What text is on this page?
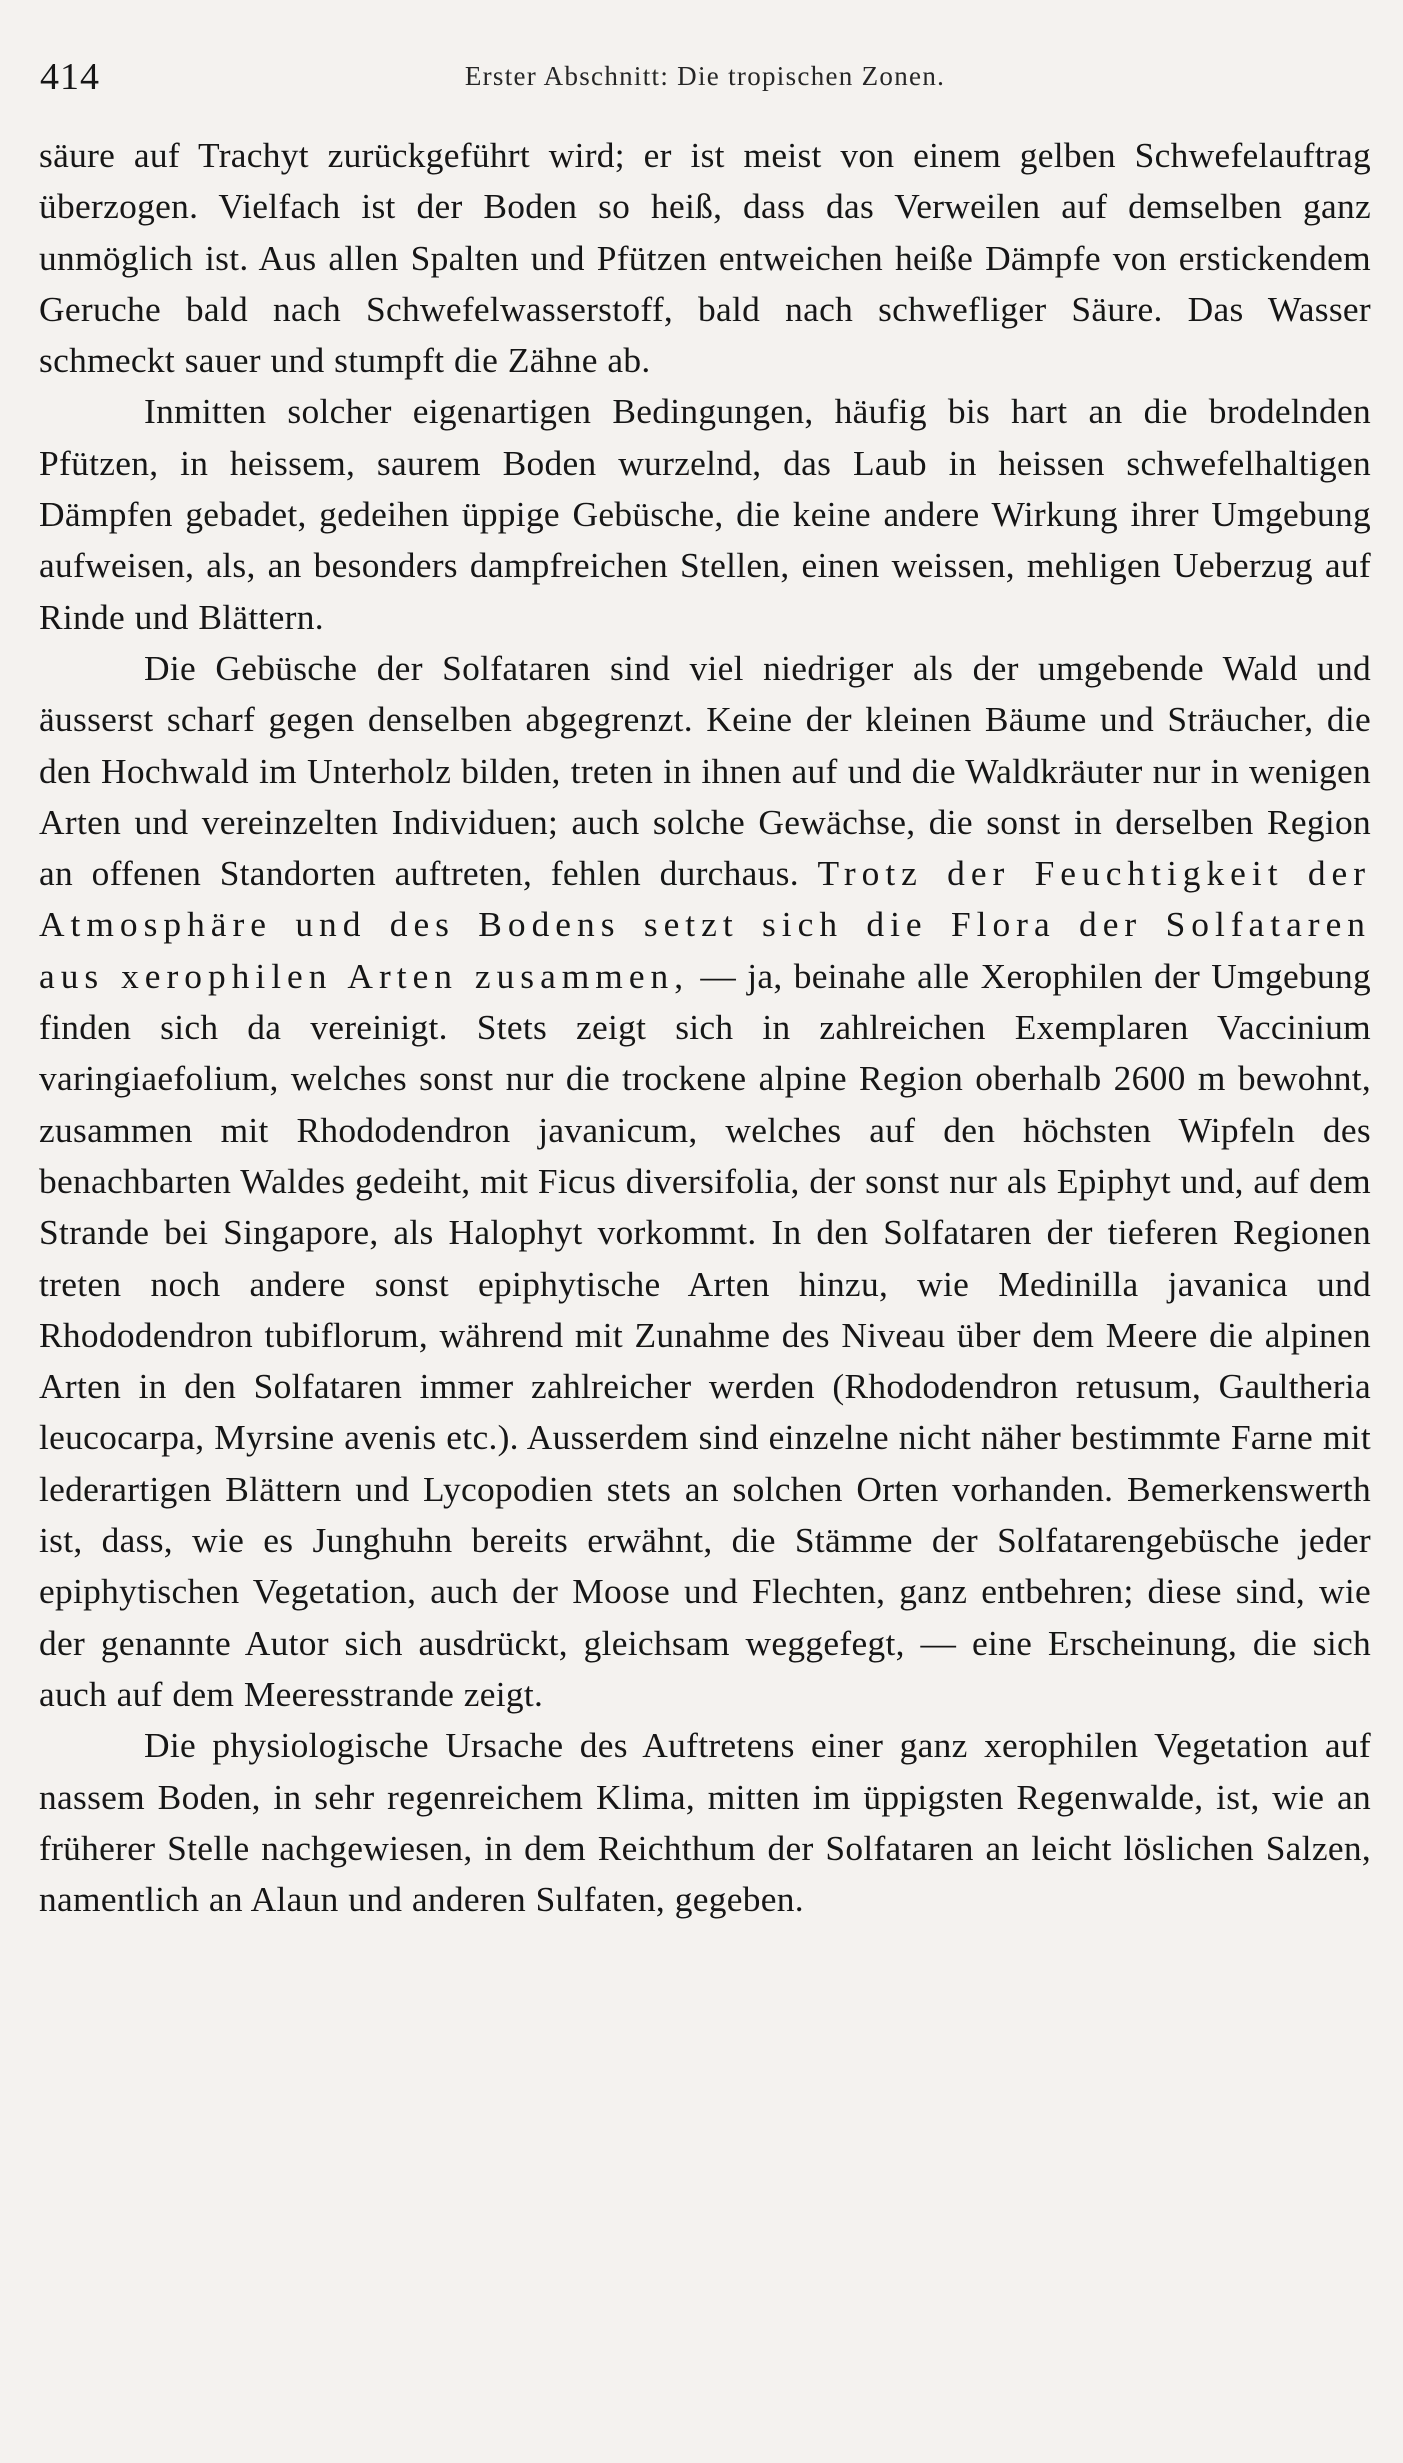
414	Erster Abschnitt: Die tropischen Zonen.

säure auf Trachyt zurückgeführt wird; er ist meist von einem gelben Schwefelauftrag überzogen. Vielfach ist der Boden so heiß, dass das Verweilen auf demselben ganz unmöglich ist. Aus allen Spalten und Pfützen entweichen heiße Dämpfe von erstickendem Geruche bald nach Schwefelwasserstoff, bald nach schwefliger Säure. Das Wasser schmeckt sauer und stumpft die Zähne ab.

Inmitten solcher eigenartigen Bedingungen, häufig bis hart an die brodelnden Pfützen, in heissem, saurem Boden wurzelnd, das Laub in heissen schwefelhaltigen Dämpfen gebadet, gedeihen üppige Gebüsche, die keine andere Wirkung ihrer Umgebung aufweisen, als, an besonders dampfreichen Stellen, einen weissen, mehligen Ueberzug auf Rinde und Blättern.

Die Gebüsche der Solfataren sind viel niedriger als der umgebende Wald und äusserst scharf gegen denselben abgegrenzt. Keine der kleinen Bäume und Sträucher, die den Hochwald im Unterholz bilden, treten in ihnen auf und die Waldkräuter nur in wenigen Arten und vereinzelten Individuen; auch solche Gewächse, die sonst in derselben Region an offenen Standorten auftreten, fehlen durchaus. Trotz der Feuchtigkeit der Atmosphäre und des Bodens setzt sich die Flora der Solfataren aus xerophilen Arten zusammen, — ja, beinahe alle Xerophilen der Umgebung finden sich da vereinigt. Stets zeigt sich in zahlreichen Exemplaren Vaccinium varingiaefolium, welches sonst nur die trockene alpine Region oberhalb 2600 m bewohnt, zusammen mit Rhododendron javanicum, welches auf den höchsten Wipfeln des benachbarten Waldes gedeiht, mit Ficus diversifolia, der sonst nur als Epiphyt und, auf dem Strande bei Singapore, als Halophyt vorkommt. In den Solfataren der tieferen Regionen treten noch andere sonst epiphytische Arten hinzu, wie Medinilla javanica und Rhododendron tubiflorum, während mit Zunahme des Niveau über dem Meere die alpinen Arten in den Solfataren immer zahlreicher werden (Rhododendron retusum, Gaultheria leucocarpa, Myrsine avenis etc.). Ausserdem sind einzelne nicht näher bestimmte Farne mit lederartigen Blättern und Lycopodien stets an solchen Orten vorhanden. Bemerkenswerth ist, dass, wie es Junghuhn bereits erwähnt, die Stämme der Solfatarengebüsche jeder epiphytischen Vegetation, auch der Moose und Flechten, ganz entbehren; diese sind, wie der genannte Autor sich ausdrückt, gleichsam weggefegt, — eine Erscheinung, die sich auch auf dem Meeresstrande zeigt.

Die physiologische Ursache des Auftretens einer ganz xerophilen Vegetation auf nassem Boden, in sehr regenreichem Klima, mitten im üppigsten Regenwalde, ist, wie an früherer Stelle nachgewiesen, in dem Reichthum der Solfataren an leicht löslichen Salzen, namentlich an Alaun und anderen Sulfaten, gegeben.
